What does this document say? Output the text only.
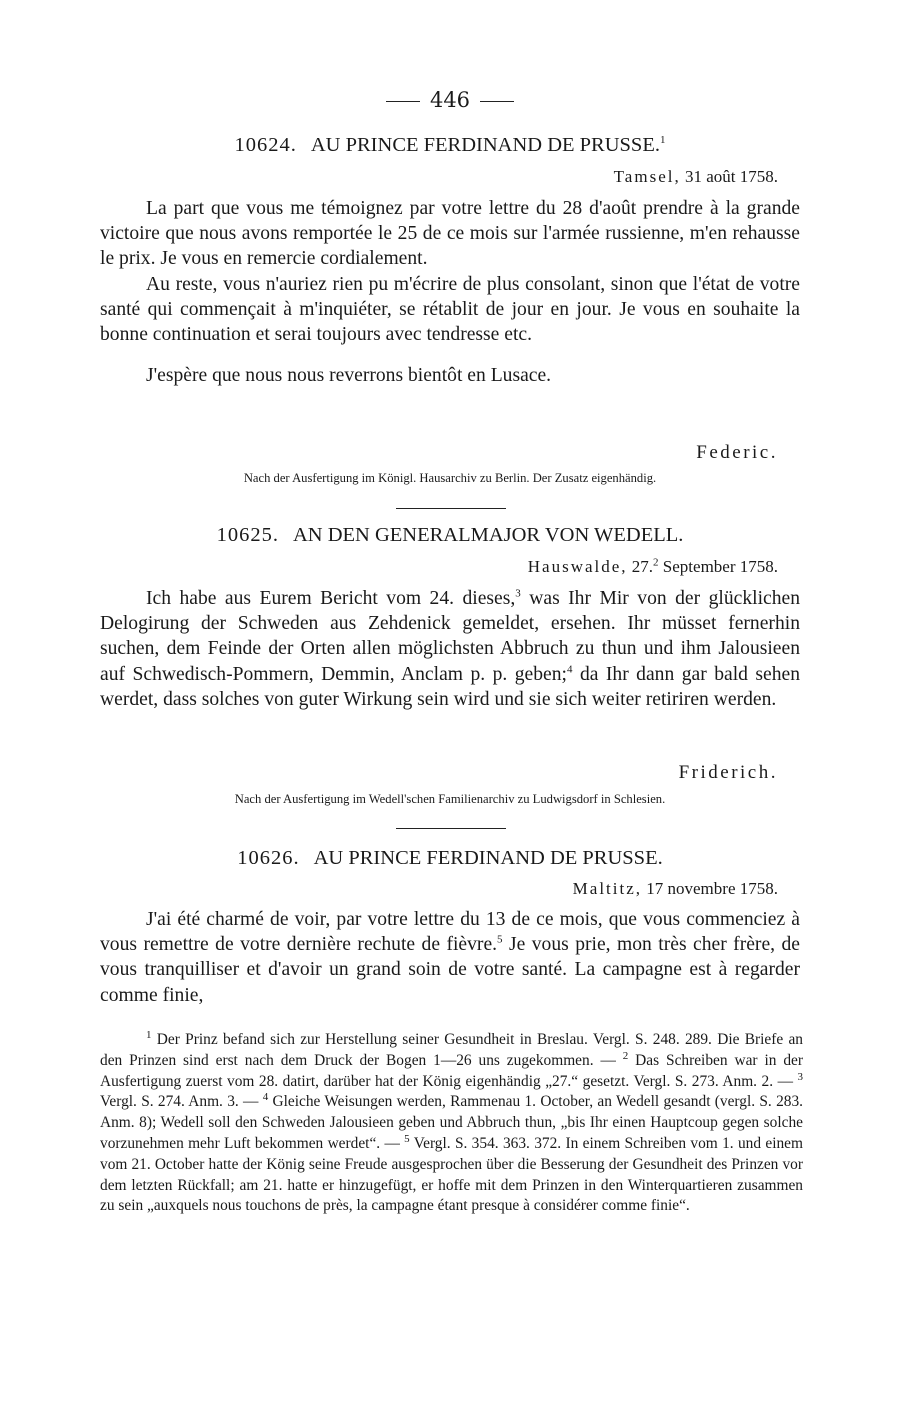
446
10624. AU PRINCE FERDINAND DE PRUSSE.$^1$
Tamsel, 31 août 1758.

La part que vous me témoignez par votre lettre du 28 d'août prendre à la grande victoire que nous avons remportée le 25 de ce mois sur l'armée russienne, m'en rehausse le prix. Je vous en remercie cordialement.

Au reste, vous n'auriez rien pu m'écrire de plus consolant, sinon que l'état de votre santé qui commençait à m'inquiéter, se rétablit de jour en jour. Je vous en souhaite la bonne continuation et serai toujours avec tendresse etc.

J'espère que nous nous reverrons bientôt en Lusace.

Federic.
Nach der Ausfertigung im Königl. Hausarchiv zu Berlin. Der Zusatz eigenhändig.
10625. AN DEN GENERALMAJOR VON WEDELL.
Hauswalde, 27.$^2$ September 1758.

Ich habe aus Eurem Bericht vom 24. dieses,$^3$ was Ihr Mir von der glücklichen Delogirung der Schweden aus Zehdenick gemeldet, ersehen. Ihr müsset fernerhin suchen, dem Feinde der Orten allen möglichsten Abbruch zu thun und ihm Jalousieen auf Schwedisch-Pommern, Demmin, Anclam p. p. geben;$^4$ da Ihr dann gar bald sehen werdet, dass solches von guter Wirkung sein wird und sie sich weiter retiriren werden.

Friderich.
Nach der Ausfertigung im Wedell'schen Familienarchiv zu Ludwigsdorf in Schlesien.
10626. AU PRINCE FERDINAND DE PRUSSE.
Maltitz, 17 novembre 1758.

J'ai été charmé de voir, par votre lettre du 13 de ce mois, que vous commenciez à vous remettre de votre dernière rechute de fièvre.$^5$ Je vous prie, mon très cher frère, de vous tranquilliser et d'avoir un grand soin de votre santé. La campagne est à regarder comme finie,

$^1$ Der Prinz befand sich zur Herstellung seiner Gesundheit in Breslau. Vergl. S. 248. 289. Die Briefe an den Prinzen sind erst nach dem Druck der Bogen 1—26 uns zugekommen. — $^2$ Das Schreiben war in der Ausfertigung zuerst vom 28. datirt, darüber hat der König eigenhändig „27.“ gesetzt. Vergl. S. 273. Anm. 2. — $^3$ Vergl. S. 274. Anm. 3. — $^4$ Gleiche Weisungen werden, Rammenau 1. October, an Wedell gesandt (vergl. S. 283. Anm. 8); Wedell soll den Schweden Jalousieen geben und Abbruch thun, „bis Ihr einen Hauptcoup gegen solche vorzunehmen mehr Luft bekommen werdet“. — $^5$ Vergl. S. 354. 363. 372. In einem Schreiben vom 1. und einem vom 21. October hatte der König seine Freude ausgesprochen über die Besserung der Gesundheit des Prinzen vor dem letzten Rückfall; am 21. hatte er hinzugefügt, er hoffe mit dem Prinzen in den Winterquartieren zusammen zu sein „auxquels nous touchons de près, la campagne étant presque à considérer comme finie“.
